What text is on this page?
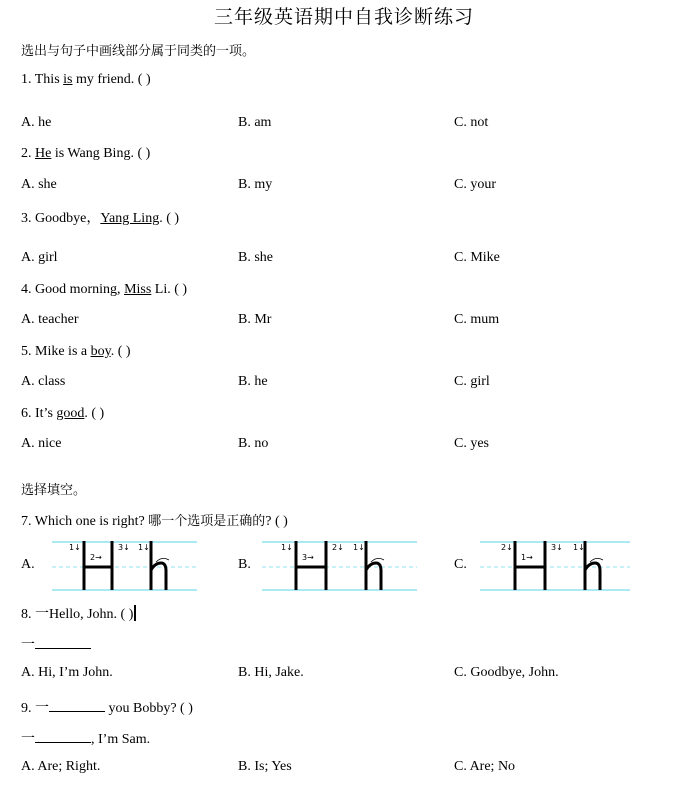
三年级英语期中自我诊断练习
选出与句子中画线部分属于同类的一项。
1. This is my friend. ( )
A. he	B. am	C. not
2. He is Wang Bing. ( )
A. she	B. my	C. your
3. Goodbye，Yang Ling. ( )
A. girl	B. she	C. Mike
4. Good morning, Miss Li. ( )
A. teacher	B. Mr	C. mum
5. Mike is a boy. ( )
A. class	B. he	C. girl
6. It’s good. ( )
A. nice	B. no	C. yes
选择填空。
7. Which one is right? 哪一个选项是正确的? ( )
A.
1↓
2→
3↓ 1↓
B.
1↓
3→
2↓ 1↓
C.
2↓
1→
3↓ 1↓
8. 一Hello, John. ( )
一
A. Hi, I’m John.	B. Hi, Jake.	C. Goodbye, John.
9. 一	you Bobby? ( )
一	, I’m Sam.
A. Are; Right.	B. Is; Yes	C. Are; No
